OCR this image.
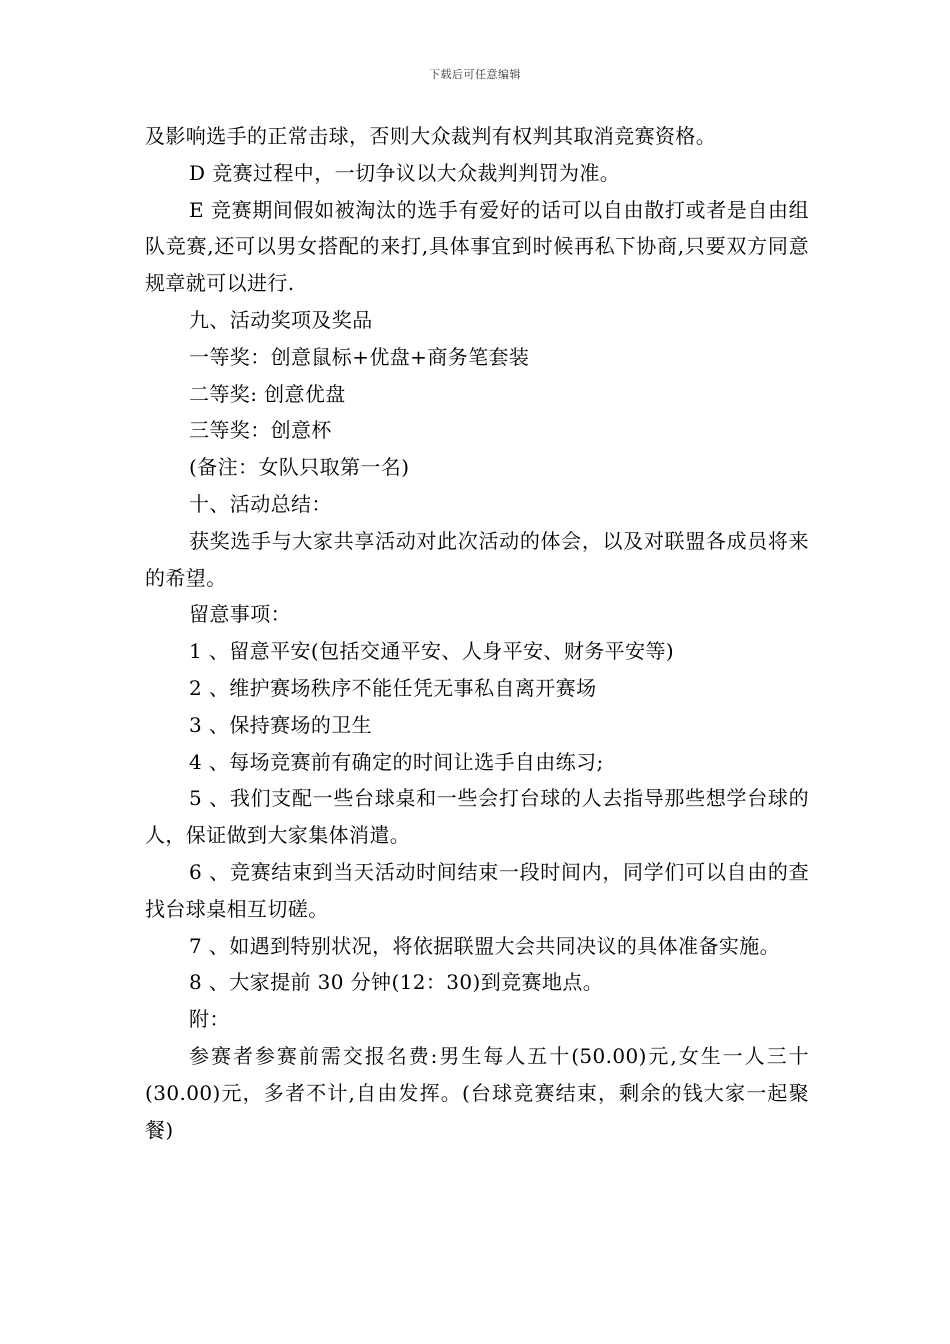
下载后可任意编辑

及影响选手的正常击球，否则大众裁判有权判其取消竞赛资格。

D 竞赛过程中，一切争议以大众裁判判罚为准。

E 竞赛期间假如被淘汰的选手有爱好的话可以自由散打或者是自由组队竞赛,还可以男女搭配的来打,具体事宜到时候再私下协商,只要双方同意规章就可以进行.

九、活动奖项及奖品

一等奖：创意鼠标+优盘+商务笔套装

二等奖: 创意优盘

三等奖：创意杯

(备注：女队只取第一名)

十、活动总结：

获奖选手与大家共享活动对此次活动的体会，以及对联盟各成员将来的希望。

留意事项：

1 、留意平安(包括交通平安、人身平安、财务平安等)

2 、维护赛场秩序不能任凭无事私自离开赛场

3 、保持赛场的卫生

4 、每场竞赛前有确定的时间让选手自由练习;

5 、我们支配一些台球桌和一些会打台球的人去指导那些想学台球的人，保证做到大家集体消遣。

6 、竞赛结束到当天活动时间结束一段时间内，同学们可以自由的查找台球桌相互切磋。

7 、如遇到特别状况，将依据联盟大会共同决议的具体准备实施。

8 、大家提前 30 分钟(12：30)到竞赛地点。

附：

参赛者参赛前需交报名费:男生每人五十(50.00)元,女生一人三十(30.00)元，多者不计,自由发挥。(台球竞赛结束，剩余的钱大家一起聚餐)
